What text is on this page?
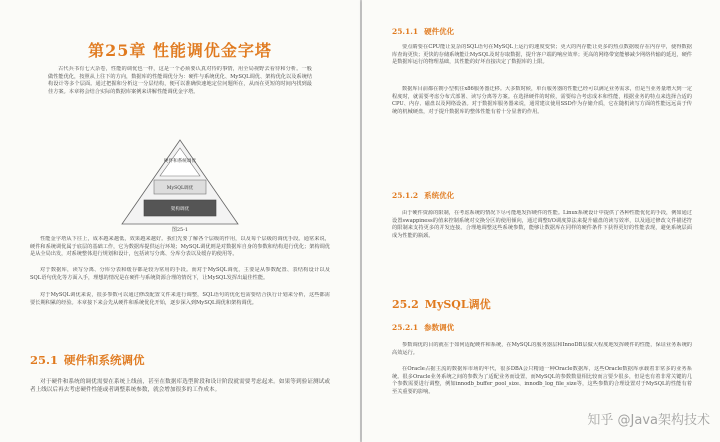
第25章 性能调优金字塔
古代兵书有七大杂卷，性能的调优也一样，这是一个必须要认真对待的事情，用全局视野去看待和分析。一般做性能优化，按照从上往下的方向，数据库的性能调优分为：硬件与系统优化、MySQL调优、架构优化以及系统结构设计等多个层面。通过把握和分析这一分层结构，便可以准确快速地定位问题所在，从而在更短的时间内找到最佳方案。本章将会结合实际的数据库案例来讲解性能调优金字塔。
硬件和系统调优
MySQL调优
架构调优
图25-1
性能金字塔从下往上，成本越来越低，效果越来越好。我们先要了解各个层级的作用，以及每个层级的调优手段。通常来说，硬件和系统调优属于底层的基础工作，它为数据库提供运行环境；MySQL调优则是对数据库自身的参数和结构进行优化；架构调优是从全局出发，对系统整体进行规划和设计，包括读写分离、分库分表以及缓存的使用等。
对于数据库，读写分离、分库分表和缓存都是较为常用的手段。而对于MySQL调优，主要是从参数配置、表结构设计以及SQL语句优化等方面入手，理想的情况是在硬件与系统资源合理的情况下，让MySQL发挥出最佳性能。
对于MySQL调优来说，很多参数可以通过修改配置文件来进行调整，SQL语句的优化也需要结合执行计划来分析，这些都需要长期积累的经验。本章接下来会先从硬件和系统优化开始，逐步深入到MySQL调优和架构调优。
25.1 硬件和系统调优
对于硬件和系统的调优需要在系统上线前，甚至在数据库选型阶段和设计阶段就需要考虑起来。如果等到验证测试或者上线以后再去考虑硬件性能或者调整系统参数，就会增加很多的工作成本。
25.1.1 硬件优化
要点睛要在CPU能让复杂的SQL语句在MySQL上运行的速度变快；更大的内存能让更多的热点数据缓存在内存中，使得数据库查询更快；更快的存储系统能让MySQL及时存取数据，提升客户端的响应效率；更高的网络带宽能够减少网络传输的延迟，硬件是数据库运行的物理基础，其性能的好坏直接决定了数据库的上限。
数据库目前都在朝小型机往x86服务器迁移。大多数时候，单台服务器的性能已经可以满足业务需求，但是当业务量增大到一定程度时，就需要考虑分布式部署、读写分离等方案。在选择硬件的时候，需要综合考虑成本和性能，根据业务的特点来选择合适的CPU、内存、磁盘以及网络设备。对于数据库服务器来说，通常建议使用SSD作为存储介质，它在随机读写方面的性能远远高于传统的机械硬盘，对于提升数据库的整体性能有着十分显著的作用。
25.1.2 系统优化
由于硬件资源的限制，在考虑系统的情况下尽可能地发挥硬件的性能。Linux系统设计中提供了各种性能优化的手段，例如通过设置swappiness的值来控制系统对交换分区的使用倾向，通过调整I/O调度算法来提升磁盘的读写效率，以及通过修改文件描述符的限制来支持更多的并发连接。合理地调整这些系统参数，能够让数据库在同样的硬件条件下获得更好的性能表现，避免系统层面成为性能的瓶颈。
25.2 MySQL调优
25.2.1 参数调优
参数调优的目的就在于如何适配硬件和系统，在MySQL的服务器层和InnoDB层做大程度地发挥硬件的性能，保证业务系统的高效运行。
在Oracle占据主流的数据库市场的年代，很多DBA会只精通一种Oracle数据库，这些Oracle数据库承载着非常多的业务系统。很多Oracle业务系统之间的参数为了适配业务而设置，而MySQL的参数数量相比较而言要少很多，但是也有着非常关键的几个参数需要进行调整，例如innodb_buffer_pool_size、innodb_log_file_size等，这些参数的合理设置对于MySQL的性能有着至关重要的影响。
知乎 @Java架构技术
